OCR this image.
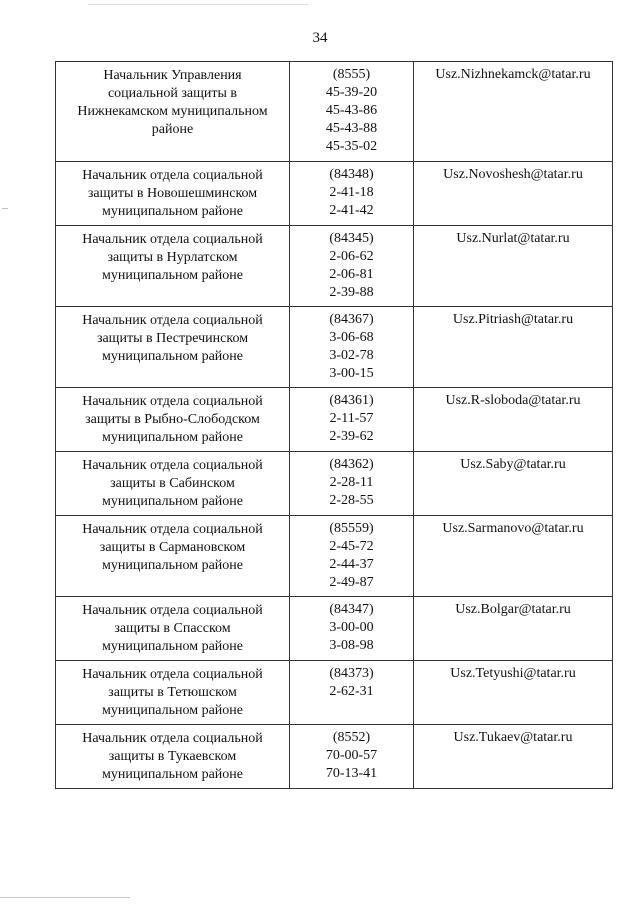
34
Начальник Управления
социальной защиты в
Нижнекамском муниципальном
районе	(8555)
45-39-20
45-43-86
45-43-88
45-35-02	Usz.Nizhnekamck@tatar.ru

Начальник отдела социальной
защиты в Новошешминском
муниципальном районе	(84348)
2-41-18
2-41-42	Usz.Novoshesh@tatar.ru

Начальник отдела социальной
защиты в Нурлатском
муниципальном районе	(84345)
2-06-62
2-06-81
2-39-88	Usz.Nurlat@tatar.ru

Начальник отдела социальной
защиты в Пестречинском
муниципальном районе	(84367)
3-06-68
3-02-78
3-00-15	Usz.Pitriash@tatar.ru

Начальник отдела социальной
защиты в Рыбно-Слободском
муниципальном районе	(84361)
2-11-57
2-39-62	Usz.R-sloboda@tatar.ru

Начальник отдела социальной
защиты в Сабинском
муниципальном районе	(84362)
2-28-11
2-28-55	Usz.Saby@tatar.ru

Начальник отдела социальной
защиты в Сармановском
муниципальном районе	(85559)
2-45-72
2-44-37
2-49-87	Usz.Sarmanovo@tatar.ru

Начальник отдела социальной
защиты в Спасском
муниципальном районе	(84347)
3-00-00
3-08-98	Usz.Bolgar@tatar.ru

Начальник отдела социальной
защиты в Тетюшском
муниципальном районе	(84373)
2-62-31	Usz.Tetyushi@tatar.ru

Начальник отдела социальной
защиты в Тукаевском
муниципальном районе	(8552)
70-00-57
70-13-41	Usz.Tukaev@tatar.ru
